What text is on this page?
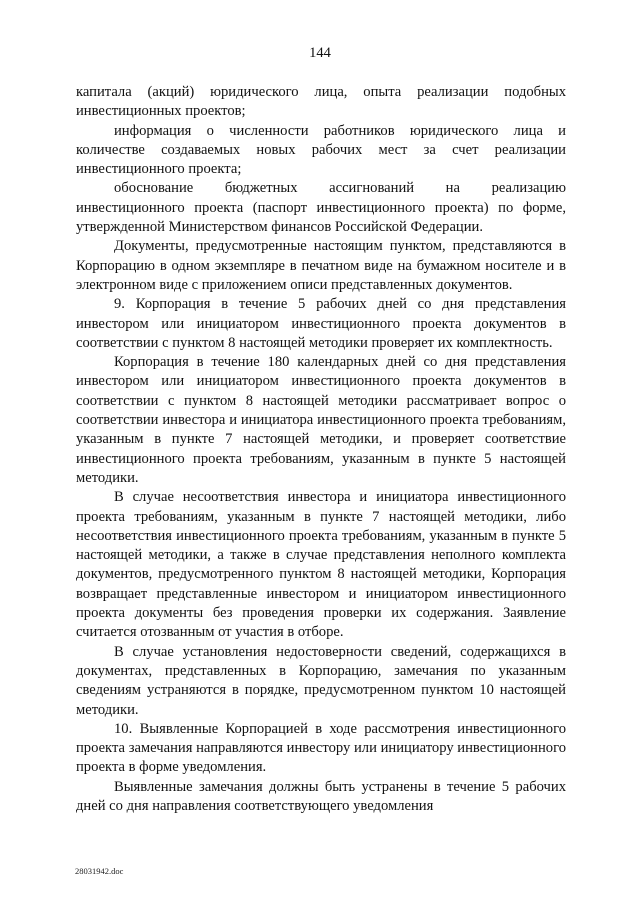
144

капитала (акций) юридического лица, опыта реализации подобных инвестиционных проектов;

информация о численности работников юридического лица и количестве создаваемых новых рабочих мест за счет реализации инвестиционного проекта;

обоснование бюджетных ассигнований на реализацию инвестиционного проекта (паспорт инвестиционного проекта) по форме, утвержденной Министерством финансов Российской Федерации.

Документы, предусмотренные настоящим пунктом, представляются в Корпорацию в одном экземпляре в печатном виде на бумажном носителе и в электронном виде с приложением описи представленных документов.

9. Корпорация в течение 5 рабочих дней со дня представления инвестором или инициатором инвестиционного проекта документов в соответствии с пунктом 8 настоящей методики проверяет их комплектность.

Корпорация в течение 180 календарных дней со дня представления инвестором или инициатором инвестиционного проекта документов в соответствии с пунктом 8 настоящей методики рассматривает вопрос о соответствии инвестора и инициатора инвестиционного проекта требованиям, указанным в пункте 7 настоящей методики, и проверяет соответствие инвестиционного проекта требованиям, указанным в пункте 5 настоящей методики.

В случае несоответствия инвестора и инициатора инвестиционного проекта требованиям, указанным в пункте 7 настоящей методики, либо несоответствия инвестиционного проекта требованиям, указанным в пункте 5 настоящей методики, а также в случае представления неполного комплекта документов, предусмотренного пунктом 8 настоящей методики, Корпорация возвращает представленные инвестором и инициатором инвестиционного проекта документы без проведения проверки их содержания. Заявление считается отозванным от участия в отборе.

В случае установления недостоверности сведений, содержащихся в документах, представленных в Корпорацию, замечания по указанным сведениям устраняются в порядке, предусмотренном пунктом 10 настоящей методики.

10. Выявленные Корпорацией в ходе рассмотрения инвестиционного проекта замечания направляются инвестору или инициатору инвестиционного проекта в форме уведомления.

Выявленные замечания должны быть устранены в течение 5 рабочих дней со дня направления соответствующего уведомления

28031942.doc
